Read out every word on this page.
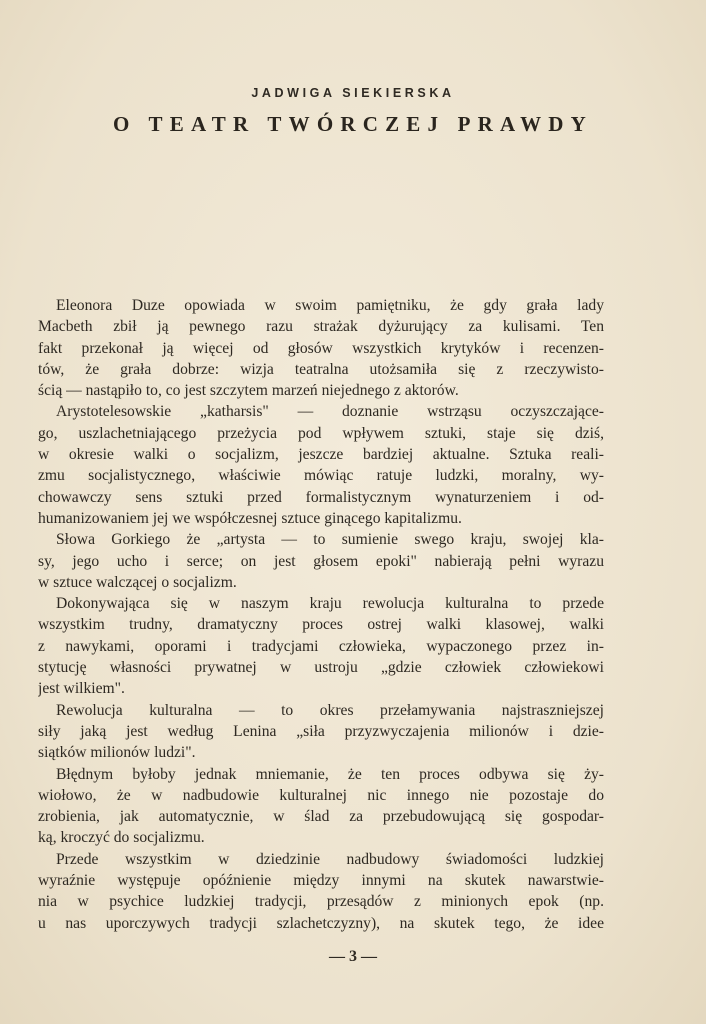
JADWIGA SIEKIERSKA
O TEATR TWÓRCZEJ PRAWDY
Eleonora Duze opowiada w swoim pamiętniku, że gdy grała lady
Macbeth zbił ją pewnego razu strażak dyżurujący za kulisami. Ten
fakt przekonał ją więcej od głosów wszystkich krytyków i recenzen-
tów, że grała dobrze: wizja teatralna utożsamiła się z rzeczywisto-
ścią — nastąpiło to, co jest szczytem marzeń niejednego z aktorów.
Arystotelesowskie „katharsis" — doznanie wstrząsu oczyszczające-
go, uszlachetniającego przeżycia pod wpływem sztuki, staje się dziś,
w okresie walki o socjalizm, jeszcze bardziej aktualne. Sztuka reali-
zmu socjalistycznego, właściwie mówiąc ratuje ludzki, moralny, wy-
chowawczy sens sztuki przed formalistycznym wynaturzeniem i od-
humanizowaniem jej we współczesnej sztuce ginącego kapitalizmu.
Słowa Gorkiego że „artysta — to sumienie swego kraju, swojej kla-
sy, jego ucho i serce; on jest głosem epoki" nabierają pełni wyrazu
w sztuce walczącej o socjalizm.
Dokonywająca się w naszym kraju rewolucja kulturalna to przede
wszystkim trudny, dramatyczny proces ostrej walki klasowej, walki
z nawykami, oporami i tradycjami człowieka, wypaczonego przez in-
stytucję własności prywatnej w ustroju „gdzie człowiek człowiekowi
jest wilkiem".
Rewolucja kulturalna — to okres przełamywania najstraszniejszej
siły jaką jest według Lenina „siła przyzwyczajenia milionów i dzie-
siątków milionów ludzi".
Błędnym byłoby jednak mniemanie, że ten proces odbywa się ży-
wiołowo, że w nadbudowie kulturalnej nic innego nie pozostaje do
zrobienia, jak automatycznie, w ślad za przebudowującą się gospodar-
ką, kroczyć do socjalizmu.
Przede wszystkim w dziedzinie nadbudowy świadomości ludzkiej
wyraźnie występuje opóźnienie między innymi na skutek nawarstwie-
nia w psychice ludzkiej tradycji, przesądów z minionych epok (np.
u nas uporczywych tradycji szlachetczyzny), na skutek tego, że idee
— 3 —
